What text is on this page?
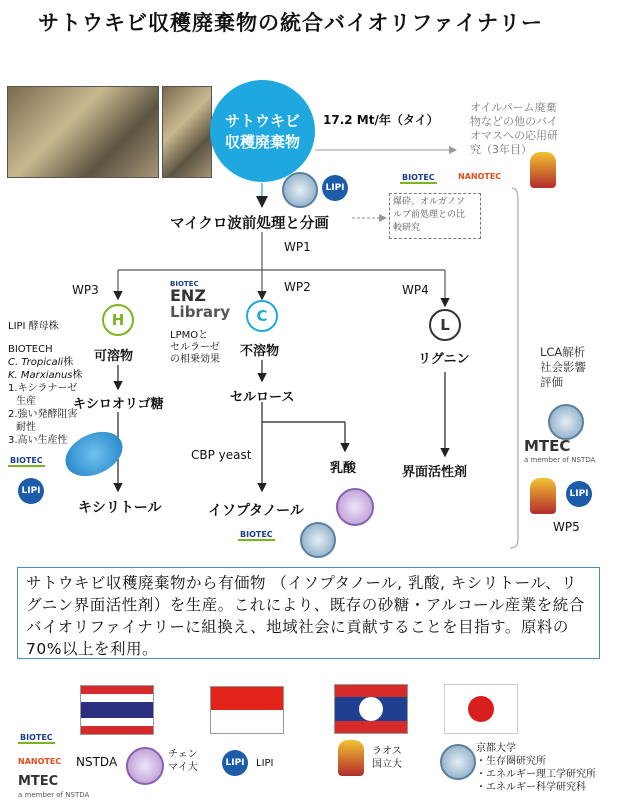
サトウキビ収穫廃棄物の統合バイオリファイナリー
サトウキビ
収穫廃棄物
17.2 Mt/年（タイ）
オイルパーム廃棄
物などの他のバイ
オマスへの応用研
究（3年目）
BIOTEC	NANOTEC
LIPI
マイクロ波前処理と分画
WP1
爆砕、オルガノソ
ルブ前処理との比
較研究
WP3	WP2	WP4
BIOTEC
ENZ
Library
LPMOと
セルラーゼ
の相乗効果
H	C	L
可溶物	不溶物
リグニン
キシロオリゴ糖	セルロース
CBP yeast
乳酸	界面活性剤
キシリトール	イソプタノール
LIPI 酵母株
BIOTECH
C. Tropicali株
K. Marxianus株
1.キシラナーゼ
生産
2.強い発酵阻害
耐性
3.高い生産性
BIOTEC
LIPI
BIOTEC
LCA解析
社会影響
評価
MTEC
a member of NSTDA
LIPI
WP5
サトウキビ収穫廃棄物から有価物 （イソプタノール, 乳酸, キシリトール、リグニン界面活性剤）を生産。これにより、既存の砂糖・アルコール産業を統合バイオリファイナリーに組換え、地域社会に貢献することを目指す。原料の70%以上を利用。
BIOTEC
NANOTEC NSTDA
MTEC
a member of NSTDA
チェン
マイ大	LIPI	LIPI
ラオス
国立大
京都大学
・生存圏研究所
・エネルギー理工学研究所
・エネルギー科学研究科
